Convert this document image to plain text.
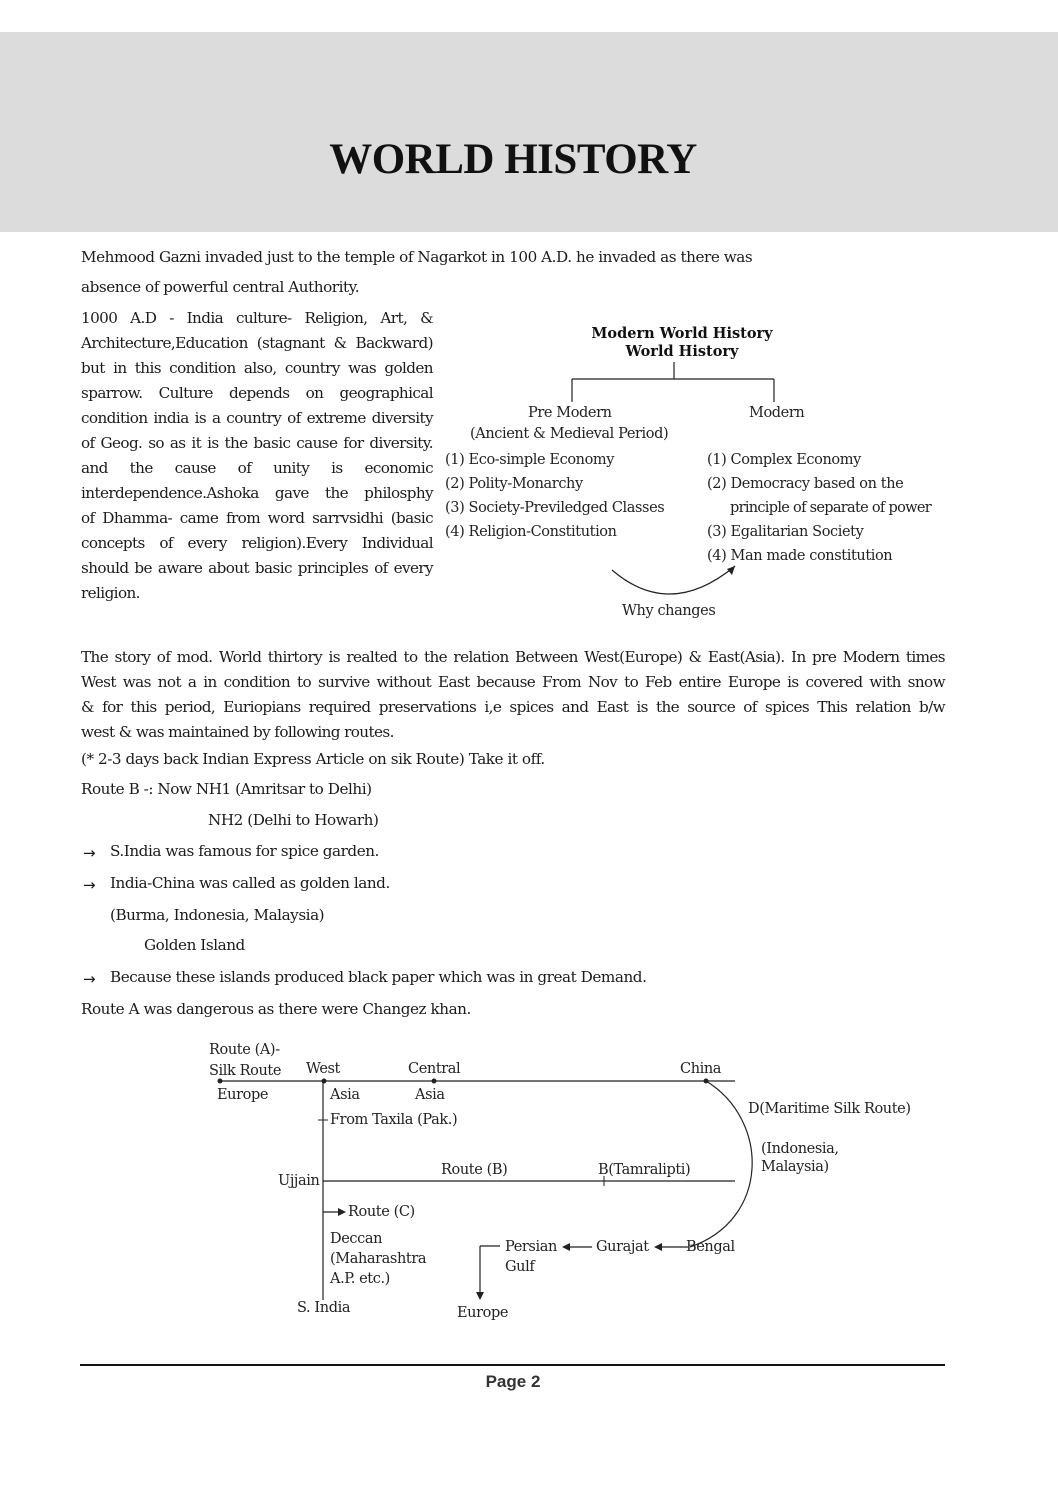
WORLD HISTORY
Mehmood Gazni invaded just to the temple of Nagarkot in 100 A.D. he invaded as there was
absence of powerful central Authority.
1000 A.D - India culture- Religion, Art, &
Architecture,Education (stagnant & Backward)
but in this condition also, country was golden
sparrow. Culture depends on geographical
condition india is a country of extreme diversity
of Geog. so as it is the basic cause for diversity.
and the cause of unity is economic
interdependence.Ashoka gave the philosphy
of Dhamma- came from word sarrvsidhi (basic
concepts of every religion).Every Individual
should be aware about basic principles of every
religion.
Modern World History
World History
Pre Modern
(Ancient & Medieval Period)
Modern
(1) Eco-simple Economy
(2) Polity-Monarchy
(3) Society-Previledged Classes
(4) Religion-Constitution
(1) Complex Economy
(2) Democracy based on the
principle of separate of power
(3) Egalitarian Society
(4) Man made constitution
Why changes
The story of mod. World thirtory is realted to the relation Between West(Europe) & East(Asia). In pre Modern times
West was not a in condition to survive without East because From Nov to Feb entire Europe is covered with snow
& for this period, Euriopians required preservations i,e spices and East is the source of spices This relation b/w
west & was maintained by following routes.
(* 2-3 days back Indian Express Article on sik Route) Take it off.
Route B -: Now NH1 (Amritsar to Delhi)
NH2 (Delhi to Howarh)
→ S.India was famous for spice garden.
→ India-China was called as golden land.
(Burma, Indonesia, Malaysia)
Golden Island
→ Because these islands produced black paper which was in great Demand.
Route A was dangerous as there were Changez khan.
Route (A)-
Silk Route
Europe
West
Asia
Central
Asia
China
D(Maritime Silk Route)
(Indonesia,
Malaysia)
From Taxila (Pak.)
Ujjain
Route (B)	B(Tamralipti)
Route (C)
Deccan
(Maharashtra
A.P. etc.)
S. India
Persian
Gulf
Gurajat	Bengal
Europe
Page 2
